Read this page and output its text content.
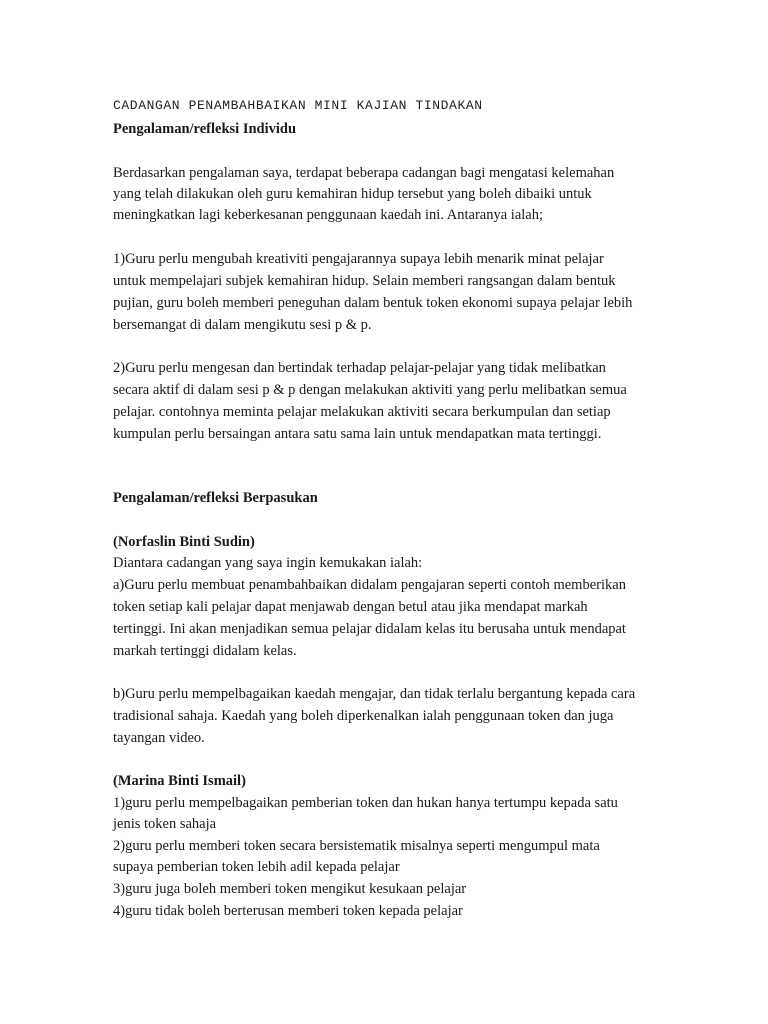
CADANGAN PENAMBAHBAIKAN MINI KAJIAN TINDAKAN
Pengalaman/refleksi Individu
Berdasarkan pengalaman saya, terdapat beberapa cadangan bagi mengatasi kelemahan
yang telah dilakukan oleh guru kemahiran hidup tersebut yang boleh dibaiki untuk
meningkatkan lagi keberkesanan penggunaan kaedah ini. Antaranya ialah;
1)Guru perlu mengubah kreativiti pengajarannya supaya lebih menarik minat pelajar
untuk mempelajari subjek kemahiran hidup. Selain memberi rangsangan dalam bentuk
pujian, guru boleh memberi peneguhan dalam bentuk token ekonomi supaya pelajar lebih
bersemangat di dalam mengikutu sesi p & p.
2)Guru perlu mengesan dan bertindak terhadap pelajar-pelajar yang tidak melibatkan
secara aktif di dalam sesi p & p dengan melakukan aktiviti yang perlu melibatkan semua
pelajar. contohnya meminta pelajar melakukan aktiviti secara berkumpulan dan setiap
kumpulan perlu bersaingan antara satu sama lain untuk mendapatkan mata tertinggi.
Pengalaman/refleksi Berpasukan
(Norfaslin Binti Sudin)
Diantara cadangan yang saya ingin kemukakan ialah:
a)Guru perlu membuat penambahbaikan didalam pengajaran seperti contoh memberikan
token setiap kali pelajar dapat menjawab dengan betul atau jika mendapat markah
tertinggi. Ini akan menjadikan semua pelajar didalam kelas itu berusaha untuk mendapat
markah tertinggi didalam kelas.
b)Guru perlu mempelbagaikan kaedah mengajar, dan tidak terlalu bergantung kepada cara
tradisional sahaja. Kaedah yang boleh diperkenalkan ialah penggunaan token dan juga
tayangan video.
(Marina Binti Ismail)
1)guru perlu mempelbagaikan pemberian token dan hukan hanya tertumpu kepada satu
jenis token sahaja
2)guru perlu memberi token secara bersistematik misalnya seperti mengumpul mata
supaya pemberian token lebih adil kepada pelajar
3)guru juga boleh memberi token mengikut kesukaan pelajar
4)guru tidak boleh berterusan memberi token kepada pelajar
